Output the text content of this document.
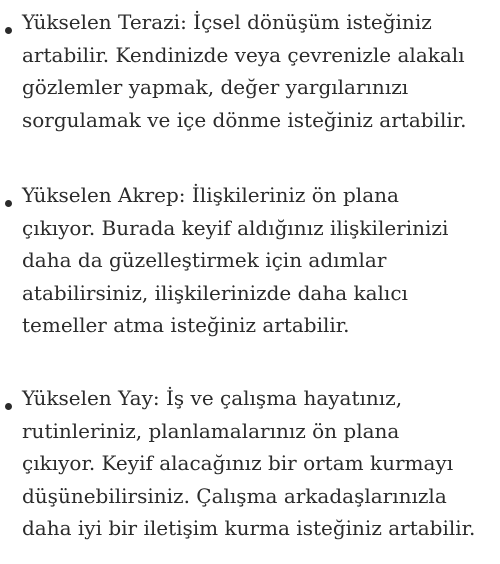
Yükselen Terazi: İçsel dönüşüm isteğiniz
artabilir. Kendinizde veya çevrenizle alakalı
gözlemler yapmak, değer yargılarınızı
sorgulamak ve içe dönme isteğiniz artabilir.
Yükselen Akrep: İlişkileriniz ön plana
çıkıyor. Burada keyif aldığınız ilişkilerinizi
daha da güzelleştirmek için adımlar
atabilirsiniz, ilişkilerinizde daha kalıcı
temeller atma isteğiniz artabilir.
Yükselen Yay: İş ve çalışma hayatınız,
rutinleriniz, planlamalarınız ön plana
çıkıyor. Keyif alacağınız bir ortam kurmayı
düşünebilirsiniz. Çalışma arkadaşlarınızla
daha iyi bir iletişim kurma isteğiniz artabilir.
